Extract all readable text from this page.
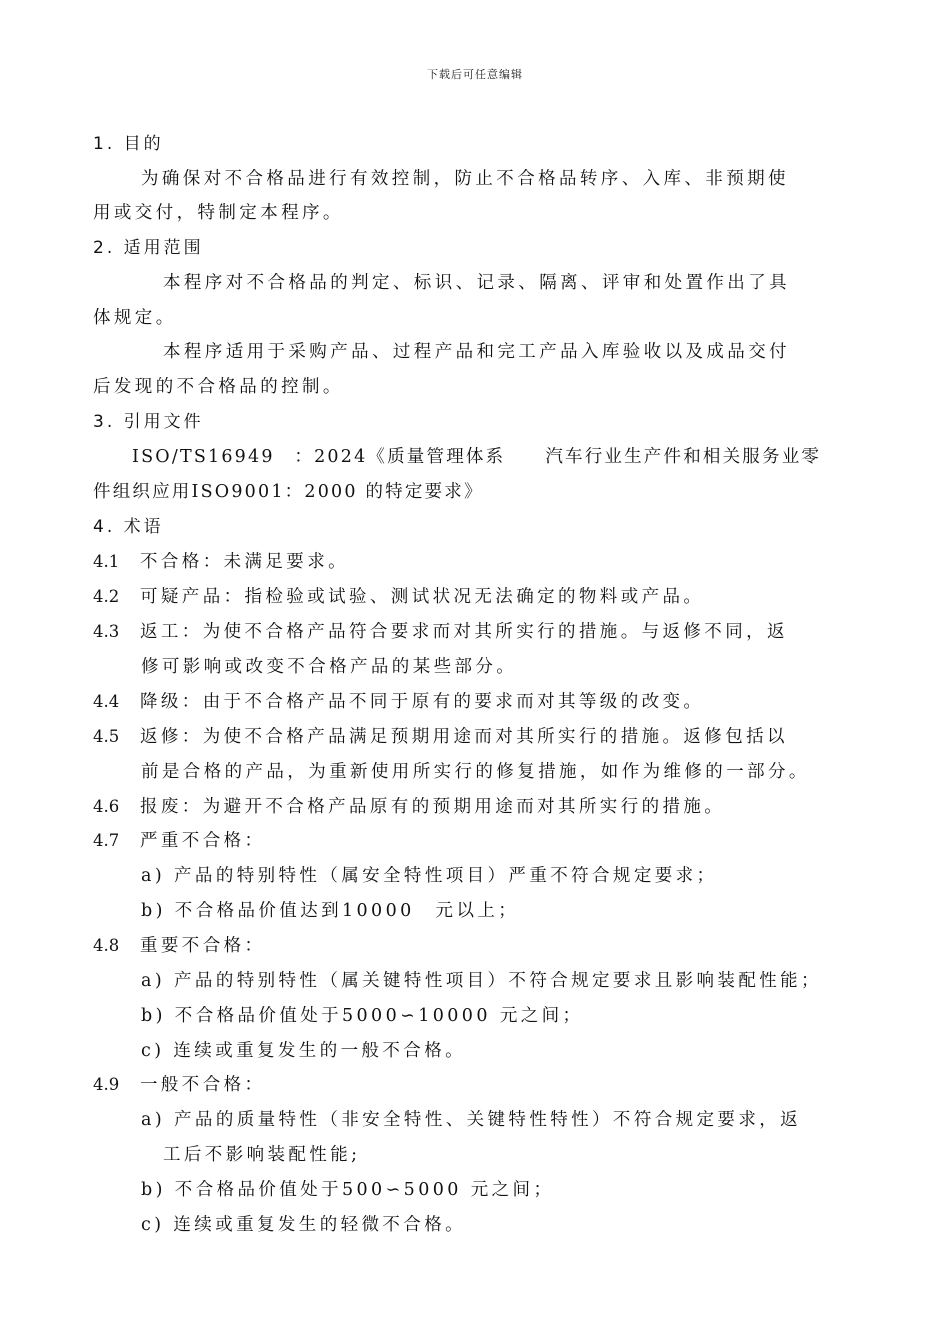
下载后可任意编辑
1. 目的
为确保对不合格品进行有效控制，防止不合格品转序、入库、非预期使
用或交付，特制定本程序。
2. 适用范围
本程序对不合格品的判定、标识、记录、隔离、评审和处置作出了具
体规定。
本程序适用于采购产品、过程产品和完工产品入库验收以及成品交付
后发现的不合格品的控制。
3. 引用文件
ISO/TS16949　：2024《质量管理体系 汽车行业生产件和相关服务业零
件组织应用ISO9001：2000 的特定要求》
4. 术语
4.1 不合格：未满足要求。
4.2 可疑产品：指检验或试验、测试状况无法确定的物料或产品。
4.3 返工：为使不合格产品符合要求而对其所实行的措施。与返修不同，返
修可影响或改变不合格产品的某些部分。
4.4 降级：由于不合格产品不同于原有的要求而对其等级的改变。
4.5 返修：为使不合格产品满足预期用途而对其所实行的措施。返修包括以
前是合格的产品，为重新使用所实行的修复措施，如作为维修的一部分。
4.6 报废：为避开不合格产品原有的预期用途而对其所实行的措施。
4.7 严重不合格：
a) 产品的特别特性（属安全特性项目）严重不符合规定要求；
b) 不合格品价值达到10000　元以上；
4.8 重要不合格：
a) 产品的特别特性（属关键特性项目）不符合规定要求且影响装配性能；
b) 不合格品价值处于5000∽10000 元之间；
c) 连续或重复发生的一般不合格。
4.9 一般不合格：
a) 产品的质量特性（非安全特性、关键特性特性）不符合规定要求，返
工后不影响装配性能;
b) 不合格品价值处于500∽5000 元之间；
c) 连续或重复发生的轻微不合格。
